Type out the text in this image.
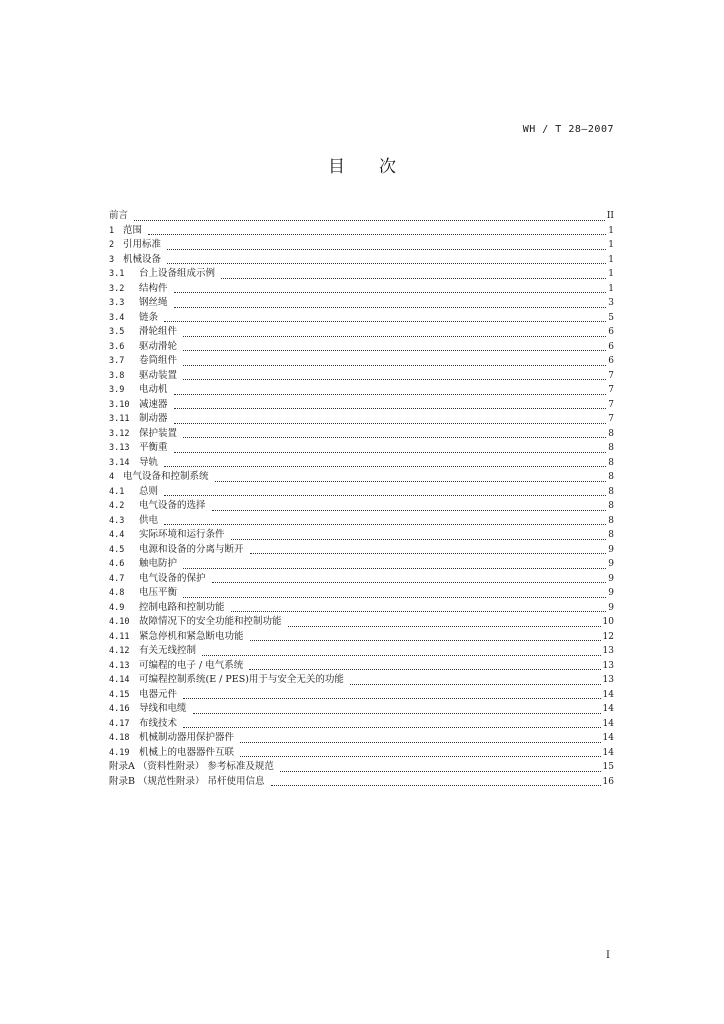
WH / T 28—2007
目次
前言	II
1 范围	1
2 引用标准	1
3 机械设备	1
3.1	台上设备组成示例	1
3.2	结构件	1
3.3	钢丝绳	3
3.4	链条	5
3.5	滑轮组件	6
3.6	驱动滑轮	6
3.7	卷筒组件	6
3.8	驱动装置	7
3.9	电动机	7
3.10	减速器	7
3.11	制动器	7
3.12	保护装置	8
3.13	平衡重	8
3.14	导轨	8
4 电气设备和控制系统	8
4.1	总则	8
4.2	电气设备的选择	8
4.3	供电	8
4.4	实际环境和运行条件	8
4.5	电源和设备的分离与断开	9
4.6	触电防护	9
4.7	电气设备的保护	9
4.8	电压平衡	9
4.9	控制电路和控制功能	9
4.10	故障情况下的安全功能和控制功能	10
4.11	紧急停机和紧急断电功能	12
4.12	有关无线控制	13
4.13	可编程的电子 / 电气系统	13
4.14	可编程控制系统(E / PES)用于与安全无关的功能	13
4.15	电器元件	14
4.16	导线和电缆	14
4.17	布线技术	14
4.18	机械制动器用保护器件	14
4.19	机械上的电器器件互联	14
附录A （资料性附录） 参考标准及规范	15
附录B （规范性附录） 吊杆使用信息	16
I
